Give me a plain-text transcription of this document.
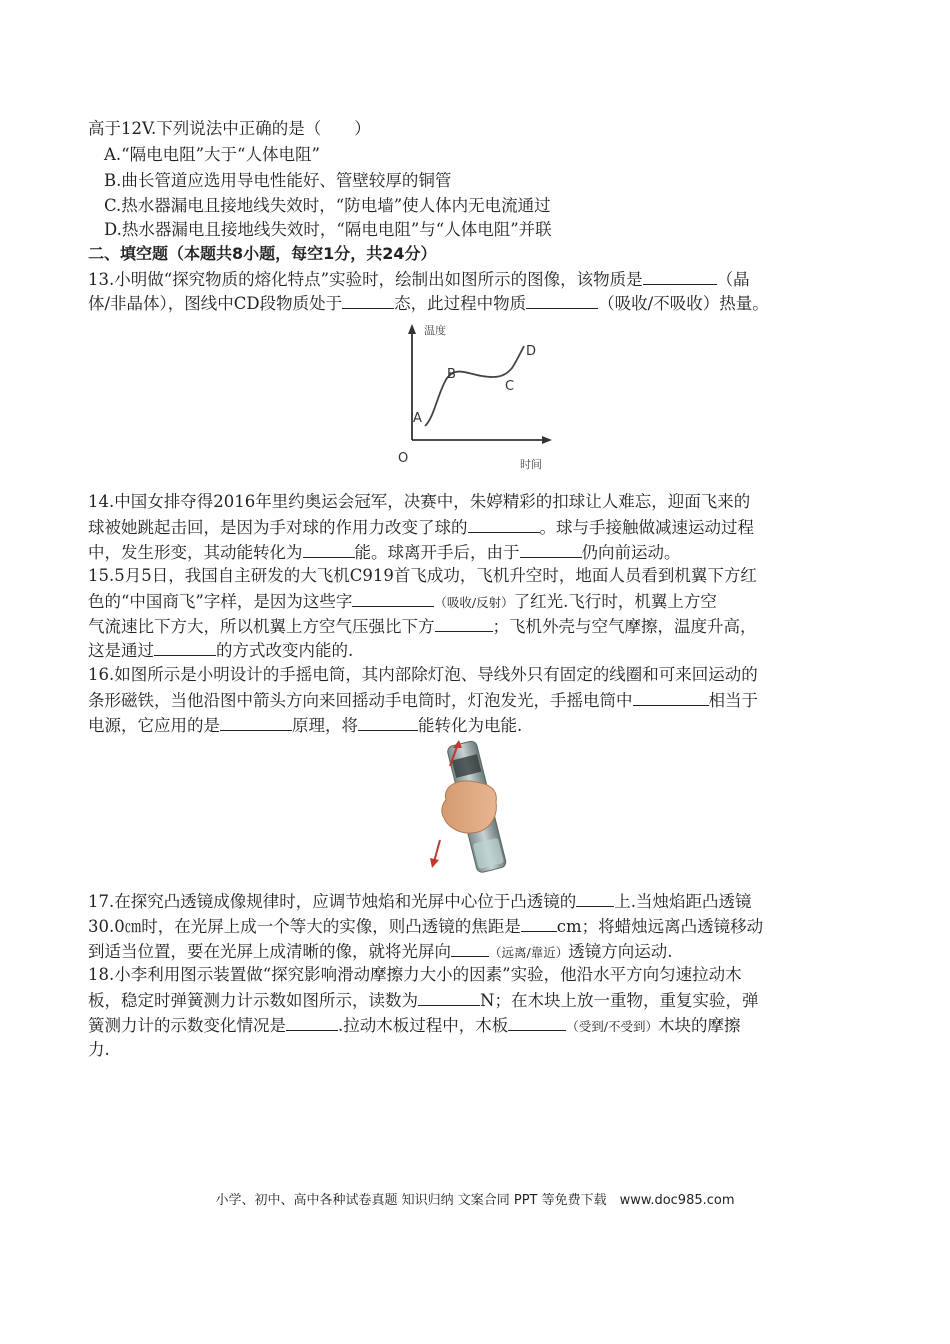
高于12V.下列说法中正确的是（　　）
A.“隔电电阻”大于“人体电阻”
B.曲长管道应选用导电性能好、管壁较厚的铜管
C.热水器漏电且接地线失效时，“防电墙”使人体内无电流通过
D.热水器漏电且接地线失效时，“隔电电阻”与“人体电阻”并联
二、填空题（本题共8小题，每空1分，共24分）
13.小明做“探究物质的熔化特点”实验时，绘制出如图所示的图像，该物质是	（晶
体/非晶体），图线中CD段物质处于	态，此过程中物质	（吸收/不吸收）热量。
温度
时间
O
A
B
C
D
14.中国女排夺得2016年里约奥运会冠军，决赛中，朱婷精彩的扣球让人难忘，迎面飞来的
球被她跳起击回，是因为手对球的作用力改变了球的	。球与手接触做减速运动过程
中，发生形变，其动能转化为	能。球离开手后，由于	仍向前运动。
15.5月5日，我国自主研发的大飞机C919首飞成功，飞机升空时，地面人员看到机翼下方红
色的“中国商飞”字样，是因为这些字	（吸收/反射）了红光.飞行时，机翼上方空
气流速比下方大，所以机翼上方空气压强比下方	；飞机外壳与空气摩擦，温度升高，
这是通过	的方式改变内能的.
16.如图所示是小明设计的手摇电筒，其内部除灯泡、导线外只有固定的线圈和可来回运动的
条形磁铁，当他沿图中箭头方向来回摇动手电筒时，灯泡发光，手摇电筒中	相当于
电源，它应用的是	原理，将	能转化为电能.
17.在探究凸透镜成像规律时，应调节烛焰和光屏中心位于凸透镜的 上.当烛焰距凸透镜
30.0㎝时，在光屏上成一个等大的实像，则凸透镜的焦距是 cm；将蜡烛远离凸透镜移动
到适当位置，要在光屏上成清晰的像，就将光屏向	（远离/靠近）透镜方向运动.
18.小李利用图示装置做“探究影响滑动摩擦力大小的因素”实验，他沿水平方向匀速拉动木
板，稳定时弹簧测力计示数如图所示，读数为	N；在木块上放一重物，重复实验，弹
簧测力计的示数变化情况是	.拉动木板过程中，木板	（受到/不受到）木块的摩擦
力.
小学、初中、高中各种试卷真题 知识归纳 文案合同 PPT 等免费下载　www.doc985.com
